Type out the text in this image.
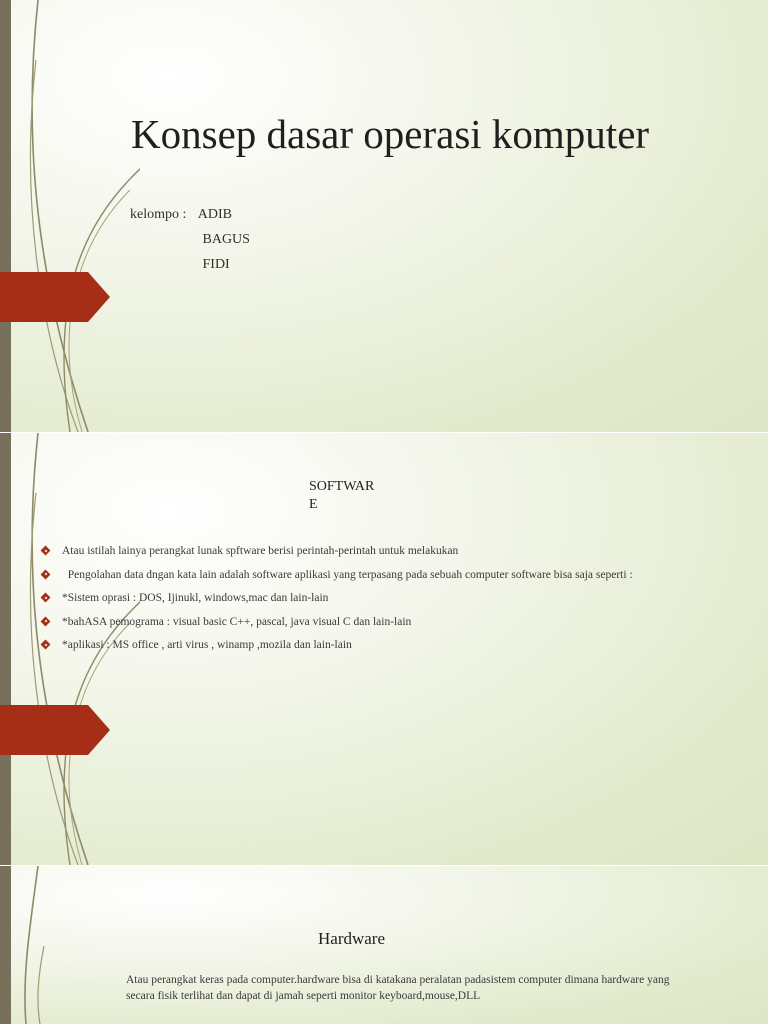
Konsep dasar operasi komputer
kelompo : ADIB
BAGUS
FIDI
SOFTWARE
Atau istilah lainya perangkat lunak spftware berisi perintah-perintah untuk melakukan
Pengolahan data dngan kata lain adalah software aplikasi yang terpasang pada sebuah computer software bisa saja seperti :
*Sistem oprasi : DOS, Ijinukl, windows,mac dan lain-lain
*bahASA pemograma : visual basic C++, pascal, java visual C dan lain-lain
*aplikasi : MS office , arti virus , winamp ,mozila dan lain-lain
Hardware
Atau perangkat keras pada computer.hardware bisa di katakana peralatan padasistem computer dimana hardware yang secara fisik terlihat dan dapat di jamah seperti monitor keyboard,mouse,DLL
